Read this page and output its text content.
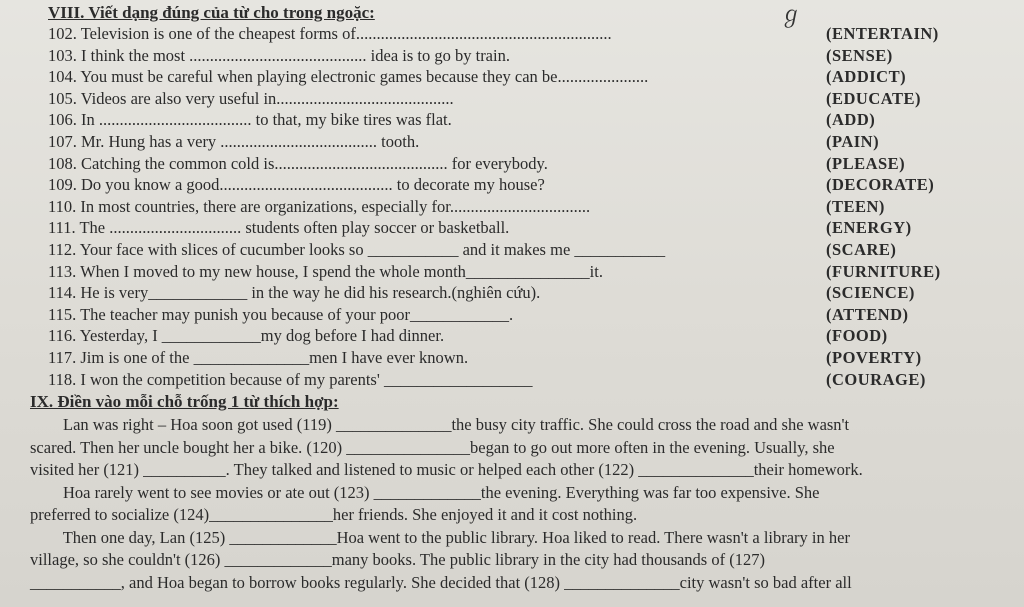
ℊ
VIII. Viết dạng đúng của từ cho trong ngoặc:
102. Television is one of the cheapest forms of..............................................................	(ENTERTAIN)
103. I think the most ........................................... idea is to go by train.	(SENSE)
104. You must be careful when playing electronic games because they can be......................	(ADDICT)
105. Videos are also very useful in...........................................	(EDUCATE)
106. In ..................................... to that, my bike tires was flat.	(ADD)
107. Mr. Hung has a very ...................................... tooth.	(PAIN)
108. Catching the common cold is.......................................... for everybody.	(PLEASE)
109. Do you know a good.......................................... to decorate my house?	(DECORATE)
110. In most countries, there are organizations, especially for..................................	(TEEN)
111. The ................................ students often play soccer or basketball.	(ENERGY)
112. Your face with slices of cucumber looks so ___________ and it makes me ___________	(SCARE)
113. When I moved to my new house, I spend the whole month_______________it.	(FURNITURE)
114. He is very____________ in the way he did his research.(nghiên cứu).	(SCIENCE)
115. The teacher may punish you because of your poor____________.	(ATTEND)
116. Yesterday, I ____________my dog before I had dinner.	(FOOD)
117. Jim is one of the ______________men I have ever known.	(POVERTY)
118. I won the competition because of my parents' __________________	(COURAGE)
IX. Điền vào mỗi chỗ trống 1 từ thích hợp:
Lan was right – Hoa soon got used (119) ______________the busy city traffic. She could cross the road and she wasn't
scared. Then her uncle bought her a bike. (120) _______________began to go out more often in the evening. Usually, she
visited her (121) __________. They talked and listened to music or helped each other (122) ______________their homework.
Hoa rarely went to see movies or ate out (123) _____________the evening. Everything was far too expensive. She
preferred to socialize (124)_______________her friends. She enjoyed it and it cost nothing.
Then one day, Lan (125) _____________Hoa went to the public library. Hoa liked to read. There wasn't a library in her
village, so she couldn't (126) _____________many books. The public library in the city had thousands of (127)
___________, and Hoa began to borrow books regularly. She decided that (128) ______________city wasn't so bad after all
